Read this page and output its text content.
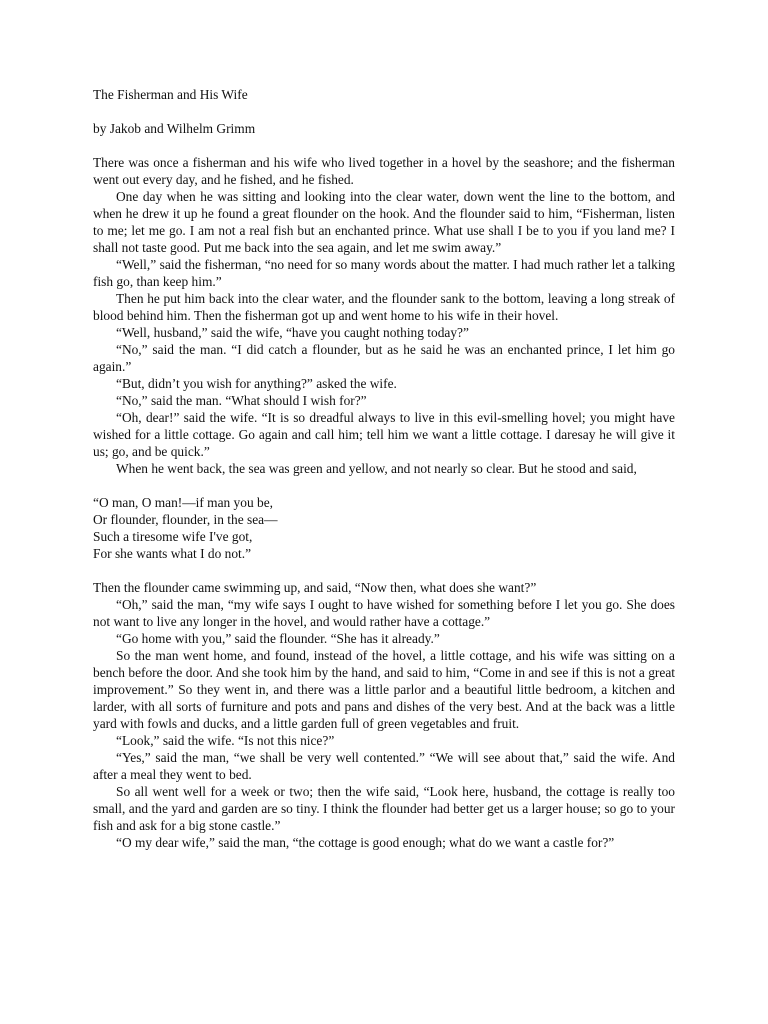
The Fisherman and His Wife
by Jakob and Wilhelm Grimm

There was once a fisherman and his wife who lived together in a hovel by the seashore; and the fisherman went out every day, and he fished, and he fished.

One day when he was sitting and looking into the clear water, down went the line to the bottom, and when he drew it up he found a great flounder on the hook. And the flounder said to him, “Fisherman, listen to me; let me go. I am not a real fish but an enchanted prince. What use shall I be to you if you land me? I shall not taste good. Put me back into the sea again, and let me swim away.”

“Well,” said the fisherman, “no need for so many words about the matter. I had much rather let a talking fish go, than keep him.”

Then he put him back into the clear water, and the flounder sank to the bottom, leaving a long streak of blood behind him. Then the fisherman got up and went home to his wife in their hovel.

“Well, husband,” said the wife, “have you caught nothing today?”

“No,” said the man. “I did catch a flounder, but as he said he was an enchanted prince, I let him go again.”

“But, didn’t you wish for anything?” asked the wife.

“No,” said the man. “What should I wish for?”

“Oh, dear!” said the wife. “It is so dreadful always to live in this evil-smelling hovel; you might have wished for a little cottage. Go again and call him; tell him we want a little cottage. I daresay he will give it us; go, and be quick.”

When he went back, the sea was green and yellow, and not nearly so clear. But he stood and said,

“O man, O man!—if man you be,
Or flounder, flounder, in the sea—
Such a tiresome wife I've got,
For she wants what I do not.”

Then the flounder came swimming up, and said, “Now then, what does she want?”

“Oh,” said the man, “my wife says I ought to have wished for something before I let you go. She does not want to live any longer in the hovel, and would rather have a cottage.”

“Go home with you,” said the flounder. “She has it already.”

So the man went home, and found, instead of the hovel, a little cottage, and his wife was sitting on a bench before the door. And she took him by the hand, and said to him, “Come in and see if this is not a great improvement.” So they went in, and there was a little parlor and a beautiful little bedroom, a kitchen and larder, with all sorts of furniture and pots and pans and dishes of the very best. And at the back was a little yard with fowls and ducks, and a little garden full of green vegetables and fruit.

“Look,” said the wife. “Is not this nice?”

“Yes,” said the man, “we shall be very well contented.” “We will see about that,” said the wife. And after a meal they went to bed.

So all went well for a week or two; then the wife said, “Look here, husband, the cottage is really too small, and the yard and garden are so tiny. I think the flounder had better get us a larger house; so go to your fish and ask for a big stone castle.”

“O my dear wife,” said the man, “the cottage is good enough; what do we want a castle for?”
